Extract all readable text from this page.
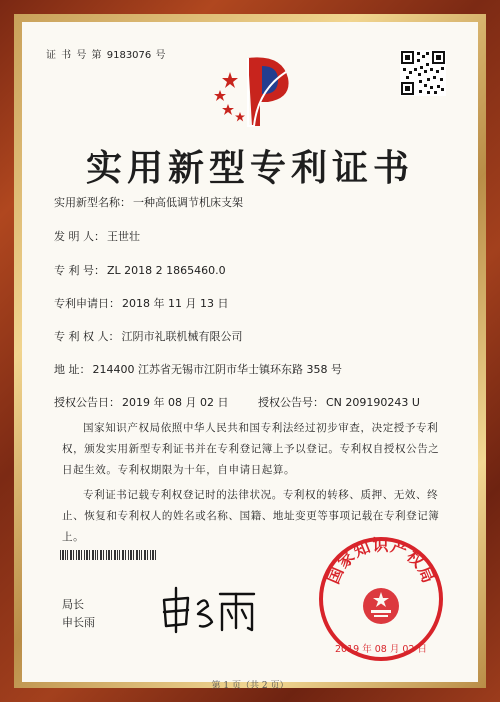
证 书 号 第 9183076 号
实用新型专利证书
实用新型名称： 一种高低调节机床支架
发 明 人： 王世壮
专 利 号： ZL 2018 2 1865460.0
专利申请日： 2018 年 11 月 13 日
专 利 权 人： 江阴市礼联机械有限公司
地 址： 214400 江苏省无锡市江阴市华士镇环东路 358 号
授权公告日： 2019 年 08 月 02 日	授权公告号： CN 209190243 U
国家知识产权局依照中华人民共和国专利法经过初步审查，决定授予专利权，颁发实用新型专利证书并在专利登记簿上予以登记。专利权自授权公告之日起生效。专利权期限为十年，自申请日起算。
专利证书记载专利权登记时的法律状况。专利权的转移、质押、无效、终止、恢复和专利权人的姓名或名称、国籍、地址变更等事项记载在专利登记簿上。
局长
申长雨
国家知识产权局
2019 年 08 月 02 日
第 1 页（共 2 页）
